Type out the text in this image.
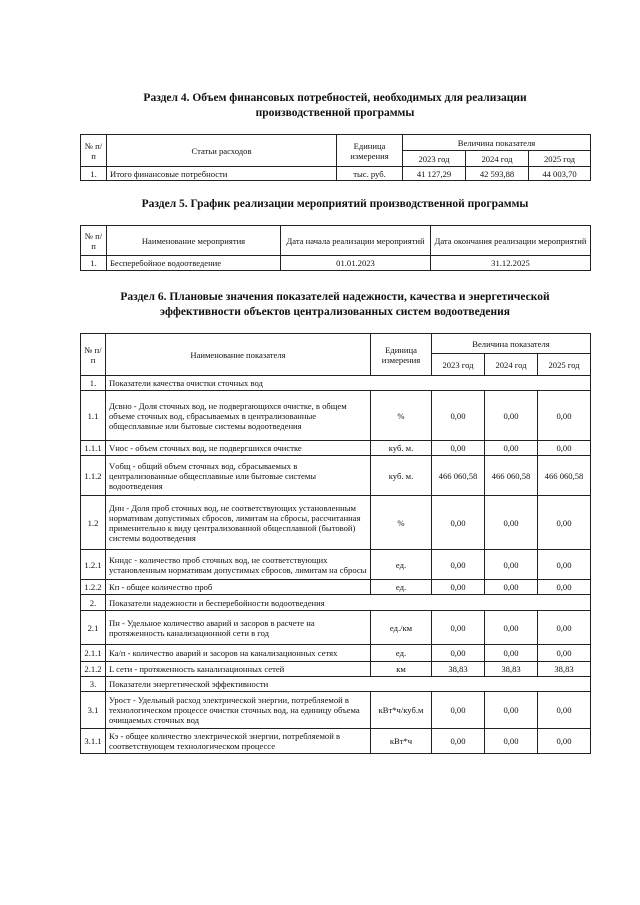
Раздел 4. Объем финансовых потребностей, необходимых для реализации
производственной программы

№ п/п	Статьи расходов	Единица измерения	Величина показателя		
			2023 год	2024 год	2025 год
1.	Итого финансовые потребности	тыс. руб.	41 127,29	42 593,88	44 003,70

Раздел 5. График реализации мероприятий производственной программы

№ п/п	Наименование мероприятия	Дата начала реализации мероприятий	Дата окончания реализации мероприятий
1.	Бесперебойное водоотведение	01.01.2023	31.12.2025

Раздел 6. Плановые значения показателей надежности, качества и энергетической
эффективности объектов централизованных систем водоотведения

№ п/п	Наименование показателя	Единица измерения	Величина показателя		
			2023 год	2024 год	2025 год
1.	Показатели качества очистки сточных вод				
1.1	Дсвно - Доля сточных вод, не подвергающихся очистке, в общем объеме сточных вод, сбрасываемых в централизованные общесплавные или бытовые системы водоотведения	%	0,00	0,00	0,00
1.1.1	Vнос - объем сточных вод, не подвергшихся очистке	куб. м.	0,00	0,00	0,00
1.1.2	Vобщ - общий объем сточных вод, сбрасываемых в централизованные общесплавные или бытовые системы водоотведения	куб. м.	466 060,58	466 060,58	466 060,58
1.2	Днн - Доля проб сточных вод, не соответствующих установленным нормативам допустимых сбросов, лимитам на сбросы, рассчитанная применительно к виду централизованной общесплавной (бытовой) системы водоотведения	%	0,00	0,00	0,00
1.2.1	Кнндс - количество проб сточных вод, не соответствующих установленным нормативам допустимых сбросов, лимитам на сбросы	ед.	0,00	0,00	0,00
1.2.2	Кп - общее количество проб	ед.	0,00	0,00	0,00
2.	Показатели надежности и бесперебойности водоотведения				
2.1	Пн - Удельное количество аварий и засоров в расчете на протяженность канализационной сети в год	ед./км	0,00	0,00	0,00
2.1.1	Ка/п - количество аварий и засоров на канализационных сетях	ед.	0,00	0,00	0,00
2.1.2	L сети - протяженность канализационных сетей	км	38,83	38,83	38,83
3.	Показатели энергетической эффективности				
3.1	Урост - Удельный расход электрической энергии, потребляемой в технологическом процессе очистки сточных вод, на единицу объема очищаемых сточных вод	кВт*ч/куб.м	0,00	0,00	0,00
3.1.1	Кэ - общее количество электрической энергии, потребляемой в соответствующем технологическом процессе	кВт*ч	0,00	0,00	0,00
